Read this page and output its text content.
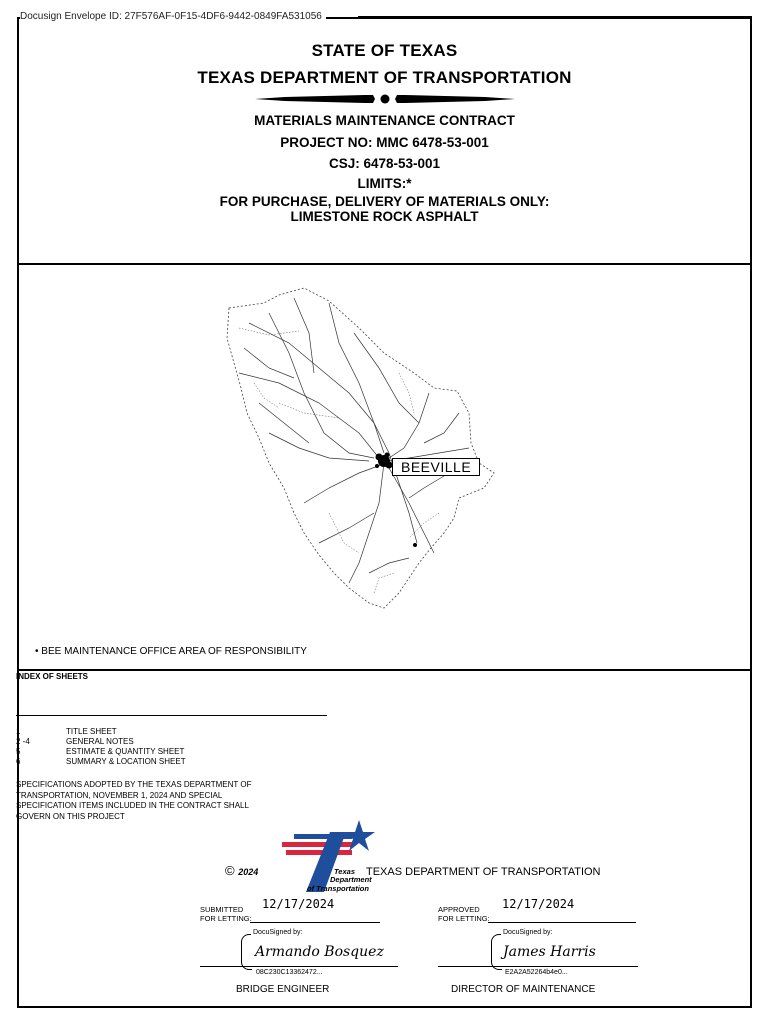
Docusign Envelope ID: 27F576AF-0F15-4DF6-9442-0849FA531056
STATE OF TEXAS
TEXAS DEPARTMENT OF TRANSPORTATION
MATERIALS MAINTENANCE CONTRACT
PROJECT NO: MMC 6478-53-001
CSJ: 6478-53-001
LIMITS:*
FOR PURCHASE, DELIVERY OF MATERIALS ONLY:
LIMESTONE ROCK ASPHALT
BEEVILLE
• BEE MAINTENANCE OFFICE AREA OF RESPONSIBILITY
INDEX OF SHEETS
1	TITLE SHEET
2 -4	GENERAL NOTES
5	ESTIMATE & QUANTITY SHEET
6	SUMMARY & LOCATION SHEET
SPECIFICATIONS ADOPTED BY THE TEXAS DEPARTMENT OF
TRANSPORTATION, NOVEMBER 1, 2024 AND SPECIAL
SPECIFICATION ITEMS INCLUDED IN THE CONTRACT SHALL
GOVERN ON THIS PROJECT
Texas
Department
of Transportation
© 2024	TEXAS DEPARTMENT OF TRANSPORTATION
SUBMITTED
FOR LETTING:
12/17/2024
DocuSigned by:
Armando Bosquez
08C230C13362472...
BRIDGE ENGINEER
APPROVED
FOR LETTING:
12/17/2024
DocuSigned by:
James Harris
E2A2A52264b4e0...
DIRECTOR OF MAINTENANCE
